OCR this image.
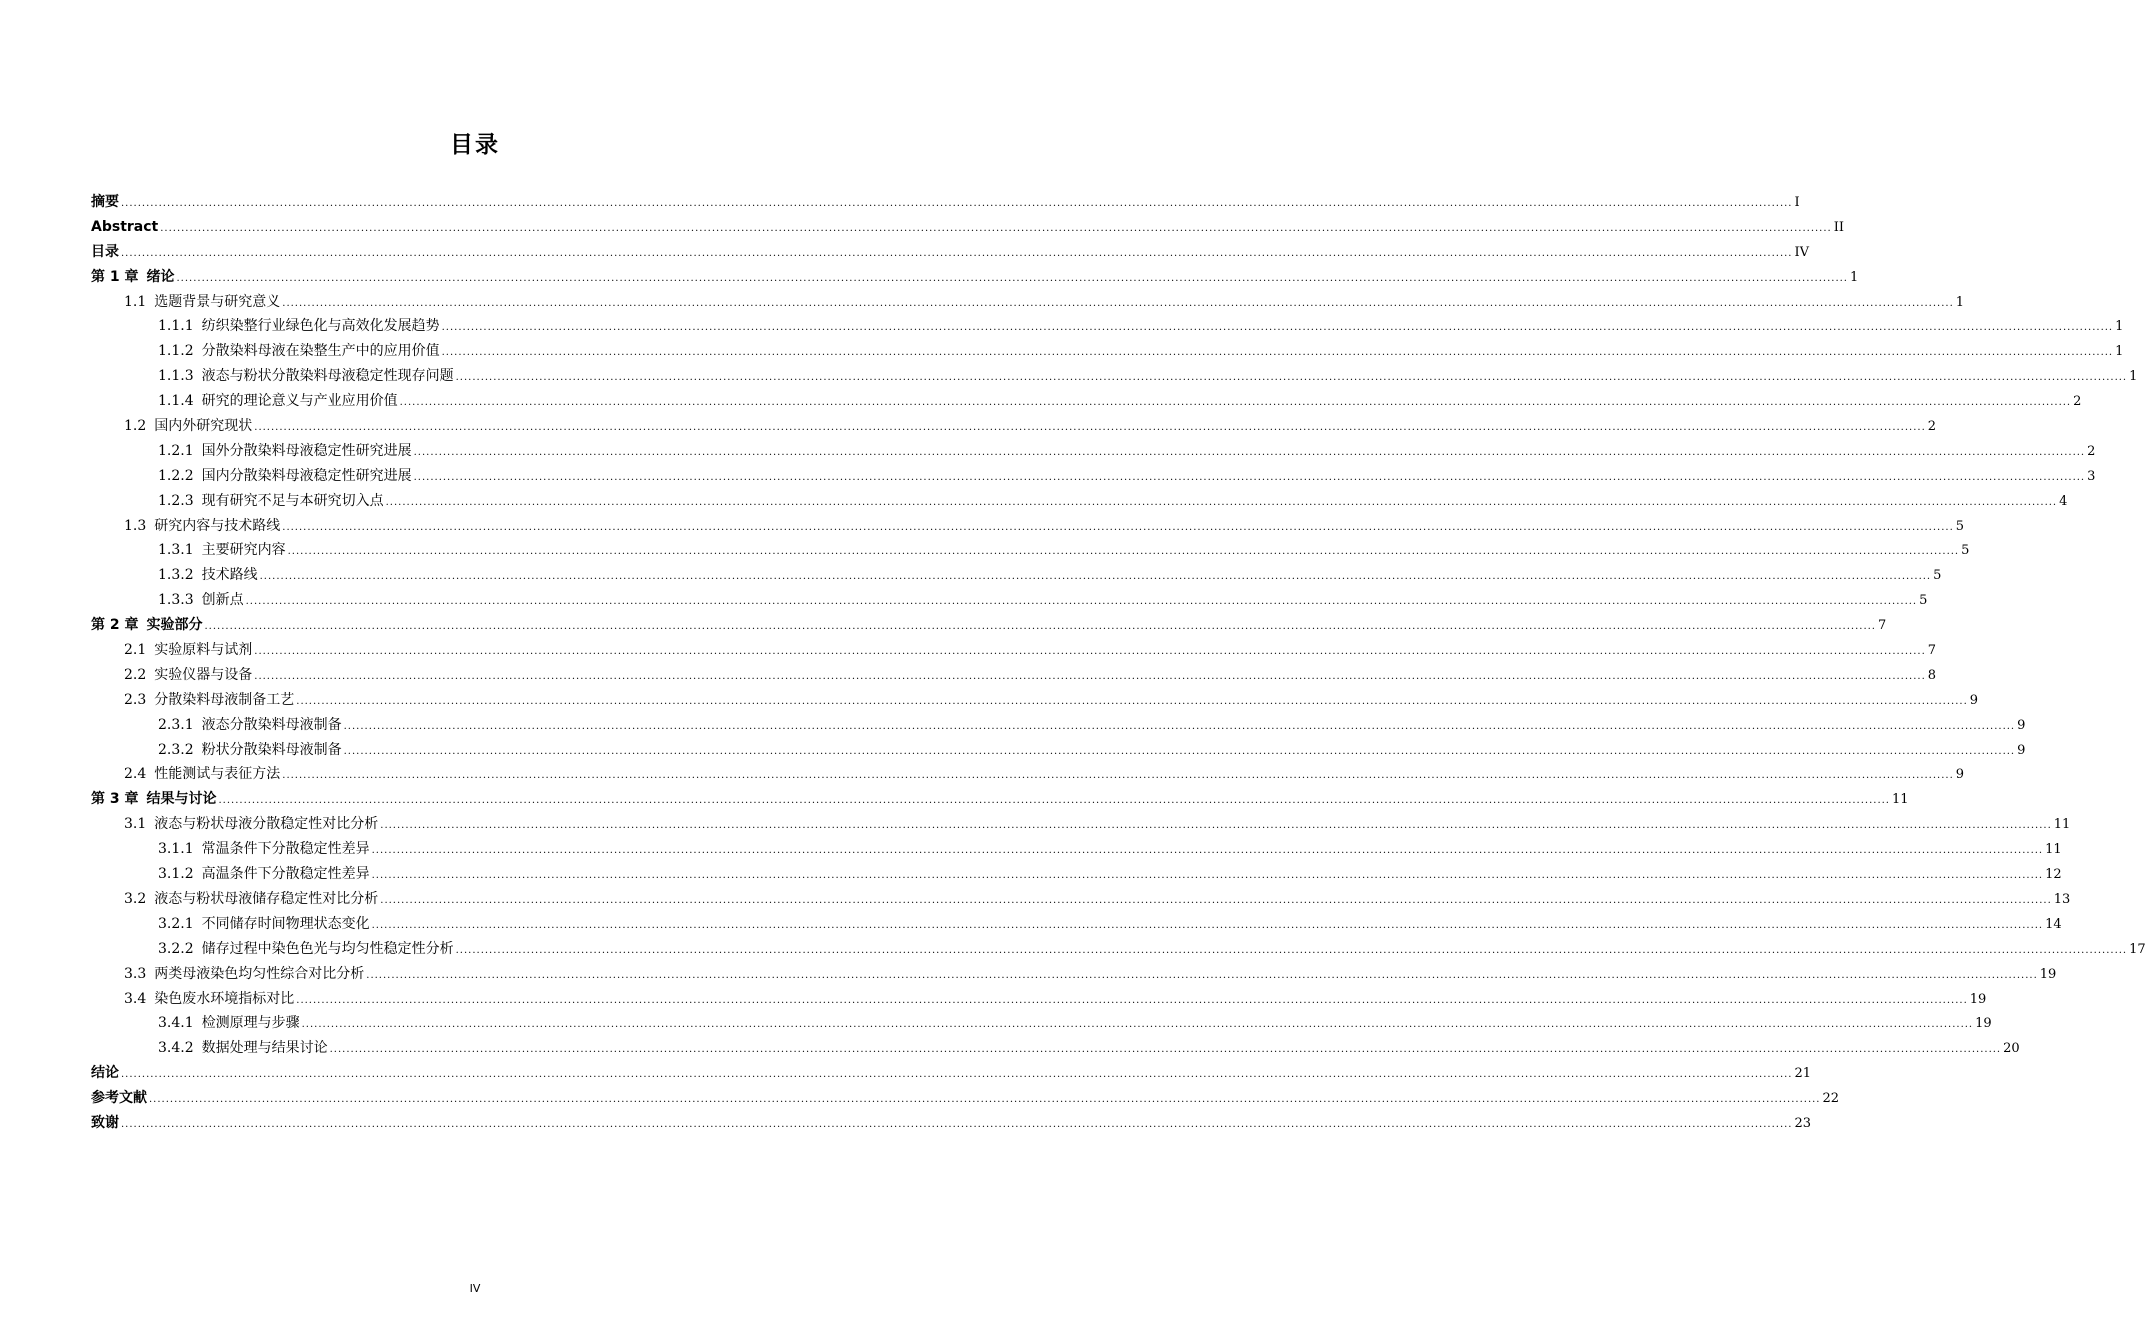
目录
摘要 ................................................................................................................................................................................................................................................................................................................................................................................................................ I
Abstract ................................................................................................................................................................................................................................................................................................................................................................................................................ II
目录 ................................................................................................................................................................................................................................................................................................................................................................................................................ IV
第 1 章 绪论 ................................................................................................................................................................................................................................................................................................................................................................................................................ 1
1.1 选题背景与研究意义 ................................................................................................................................................................................................................................................................................................................................................................................................................ 1
1.1.1 纺织染整行业绿色化与高效化发展趋势 ................................................................................................................................................................................................................................................................................................................................................................................................................ 1
1.1.2 分散染料母液在染整生产中的应用价值 ................................................................................................................................................................................................................................................................................................................................................................................................................ 1
1.1.3 液态与粉状分散染料母液稳定性现存问题 ................................................................................................................................................................................................................................................................................................................................................................................................................ 1
1.1.4 研究的理论意义与产业应用价值 ................................................................................................................................................................................................................................................................................................................................................................................................................ 2
1.2 国内外研究现状 ................................................................................................................................................................................................................................................................................................................................................................................................................ 2
1.2.1 国外分散染料母液稳定性研究进展 ................................................................................................................................................................................................................................................................................................................................................................................................................ 2
1.2.2 国内分散染料母液稳定性研究进展 ................................................................................................................................................................................................................................................................................................................................................................................................................ 3
1.2.3 现有研究不足与本研究切入点 ................................................................................................................................................................................................................................................................................................................................................................................................................ 4
1.3 研究内容与技术路线 ................................................................................................................................................................................................................................................................................................................................................................................................................ 5
1.3.1 主要研究内容 ................................................................................................................................................................................................................................................................................................................................................................................................................ 5
1.3.2 技术路线 ................................................................................................................................................................................................................................................................................................................................................................................................................ 5
1.3.3 创新点 ................................................................................................................................................................................................................................................................................................................................................................................................................ 5
第 2 章 实验部分 ................................................................................................................................................................................................................................................................................................................................................................................................................ 7
2.1 实验原料与试剂 ................................................................................................................................................................................................................................................................................................................................................................................................................ 7
2.2 实验仪器与设备 ................................................................................................................................................................................................................................................................................................................................................................................................................ 8
2.3 分散染料母液制备工艺 ................................................................................................................................................................................................................................................................................................................................................................................................................ 9
2.3.1 液态分散染料母液制备 ................................................................................................................................................................................................................................................................................................................................................................................................................ 9
2.3.2 粉状分散染料母液制备 ................................................................................................................................................................................................................................................................................................................................................................................................................ 9
2.4 性能测试与表征方法 ................................................................................................................................................................................................................................................................................................................................................................................................................ 9
第 3 章 结果与讨论 ................................................................................................................................................................................................................................................................................................................................................................................................................ 11
3.1 液态与粉状母液分散稳定性对比分析 ................................................................................................................................................................................................................................................................................................................................................................................................................ 11
3.1.1 常温条件下分散稳定性差异 ................................................................................................................................................................................................................................................................................................................................................................................................................ 11
3.1.2 高温条件下分散稳定性差异 ................................................................................................................................................................................................................................................................................................................................................................................................................ 12
3.2 液态与粉状母液储存稳定性对比分析 ................................................................................................................................................................................................................................................................................................................................................................................................................ 13
3.2.1 不同储存时间物理状态变化 ................................................................................................................................................................................................................................................................................................................................................................................................................ 14
3.2.2 储存过程中染色色光与均匀性稳定性分析 ................................................................................................................................................................................................................................................................................................................................................................................................................ 17
3.3 两类母液染色均匀性综合对比分析 ................................................................................................................................................................................................................................................................................................................................................................................................................ 19
3.4 染色废水环境指标对比 ................................................................................................................................................................................................................................................................................................................................................................................................................ 19
3.4.1 检测原理与步骤 ................................................................................................................................................................................................................................................................................................................................................................................................................ 19
3.4.2 数据处理与结果讨论 ................................................................................................................................................................................................................................................................................................................................................................................................................ 20
结论 ................................................................................................................................................................................................................................................................................................................................................................................................................ 21
参考文献 ................................................................................................................................................................................................................................................................................................................................................................................................................ 22
致谢 ................................................................................................................................................................................................................................................................................................................................................................................................................ 23
IV
